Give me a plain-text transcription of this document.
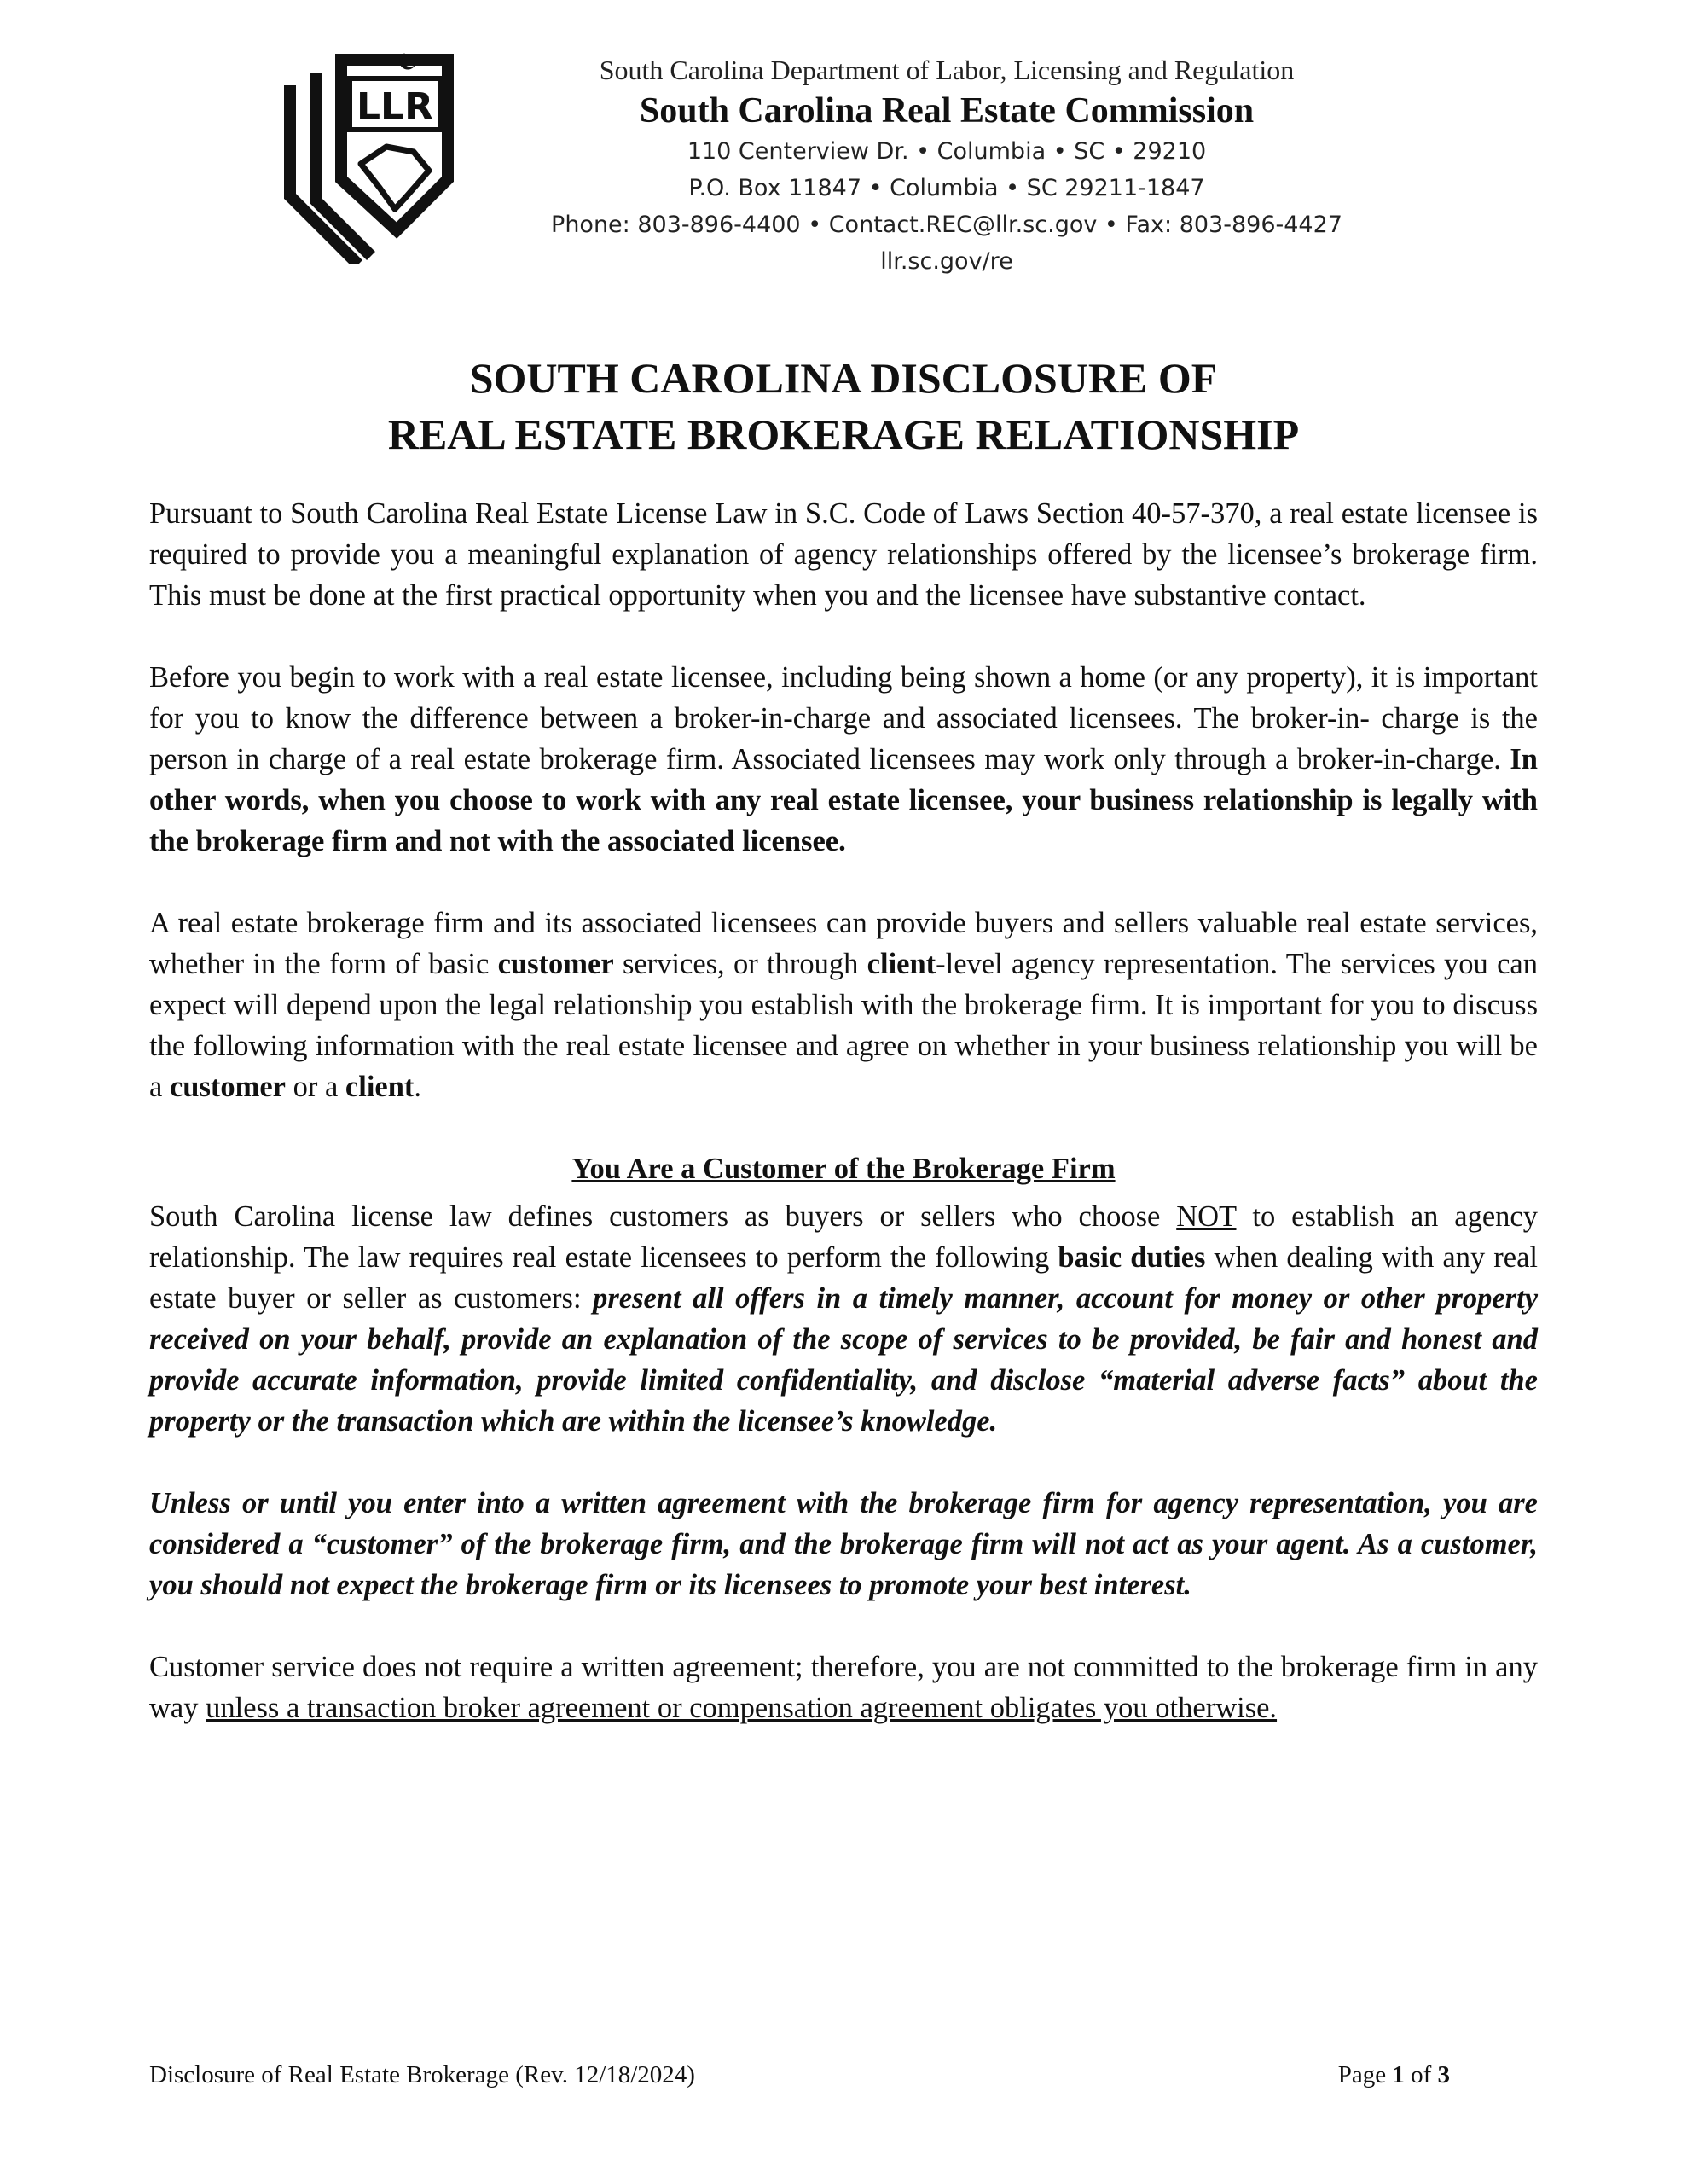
LLR
South Carolina Department of Labor, Licensing and Regulation
South Carolina Real Estate Commission
110 Centerview Dr. • Columbia • SC • 29210
P.O. Box 11847 • Columbia • SC 29211-1847
Phone: 803-896-4400 • Contact.REC@llr.sc.gov • Fax: 803-896-4427
llr.sc.gov/re
SOUTH CAROLINA DISCLOSURE OF
REAL ESTATE BROKERAGE RELATIONSHIP

Pursuant to South Carolina Real Estate License Law in S.C. Code of Laws Section 40-57-370, a real estate licensee is required to provide you a meaningful explanation of agency relationships offered by the licensee’s brokerage firm. This must be done at the first practical opportunity when you and the licensee have substantive contact.

Before you begin to work with a real estate licensee, including being shown a home (or any property), it is important for you to know the difference between a broker-in-charge and associated licensees. The broker-in- charge is the person in charge of a real estate brokerage firm. Associated licensees may work only through a broker-in-charge. In other words, when you choose to work with any real estate licensee, your business relationship is legally with the brokerage firm and not with the associated licensee.

A real estate brokerage firm and its associated licensees can provide buyers and sellers valuable real estate services, whether in the form of basic customer services, or through client-level agency representation. The services you can expect will depend upon the legal relationship you establish with the brokerage firm. It is important for you to discuss the following information with the real estate licensee and agree on whether in your business relationship you will be a customer or a client.

You Are a Customer of the Brokerage Firm

South Carolina license law defines customers as buyers or sellers who choose NOT to establish an agency relationship. The law requires real estate licensees to perform the following basic duties when dealing with any real estate buyer or seller as customers: present all offers in a timely manner, account for money or other property received on your behalf, provide an explanation of the scope of services to be provided, be fair and honest and provide accurate information, provide limited confidentiality, and disclose “material adverse facts” about the property or the transaction which are within the licensee’s knowledge.

Unless or until you enter into a written agreement with the brokerage firm for agency representation, you are considered a “customer” of the brokerage firm, and the brokerage firm will not act as your agent. As a customer, you should not expect the brokerage firm or its licensees to promote your best interest.

Customer service does not require a written agreement; therefore, you are not committed to the brokerage firm in any way unless a transaction broker agreement or compensation agreement obligates you otherwise.

Disclosure of Real Estate Brokerage (Rev. 12/18/2024)	Page 1 of 3
